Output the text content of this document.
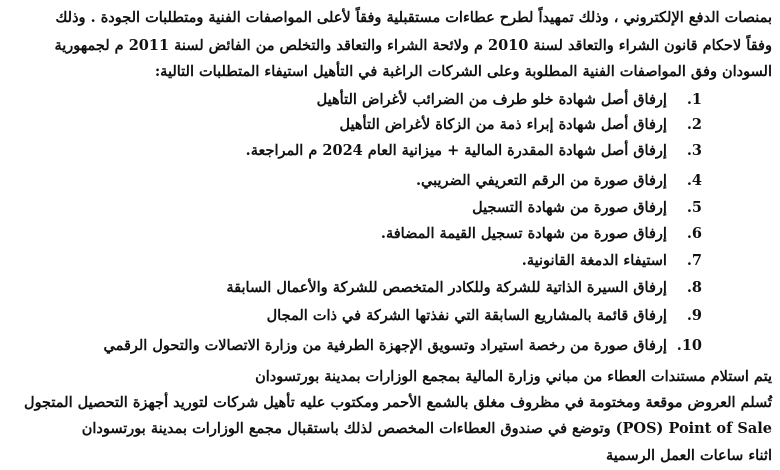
بمنصات الدفع الإلكتروني ، وذلك تمهيداً لطرح عطاءات مستقبلية وفقاً لأعلى المواصفات الفنية ومتطلبات الجودة . وذلك
وفقاً لاحكام قانون الشراء والتعاقد لسنة 2010 م ولائحة الشراء والتعاقد والتخلص من الفائض لسنة 2011 م لجمهورية
السودان وفق المواصفات الفنية المطلوبة وعلى الشركات الراغبة في التأهيل استيفاء المتطلبات التالية:
1. إرفاق أصل شهادة خلو طرف من الضرائب لأغراض التأهيل
2. إرفاق أصل شهادة إبراء ذمة من الزكاة لأغراض التأهيل
3. إرفاق أصل شهادة المقدرة المالية + ميزانية العام 2024 م المراجعة.
4. إرفاق صورة من الرقم التعريفي الضريبي.
5. إرفاق صورة من شهادة التسجيل
6. إرفاق صورة من شهادة تسجيل القيمة المضافة.
7. استيفاء الدمغة القانونية.
8. إرفاق السيرة الذاتية للشركة وللكادر المتخصص للشركة والأعمال السابقة
9. إرفاق قائمة بالمشاريع السابقة التي نفذتها الشركة في ذات المجال
10. إرفاق صورة من رخصة استيراد وتسويق الإجهزة الطرفية من وزارة الاتصالات والتحول الرقمي
يتم استلام مستندات العطاء من مباني وزارة المالية بمجمع الوزارات بمدينة بورتسودان
تُسلم العروض موقعة ومختومة في مظروف مغلق بالشمع الأحمر ومكتوب عليه تأهيل شركات لتوريد أجهزة التحصيل المتجول
(POS) Point of Sale وتوضع في صندوق العطاءات المخصص لذلك باستقبال مجمع الوزارات بمدينة بورتسودان
اثناء ساعات العمل الرسمية
